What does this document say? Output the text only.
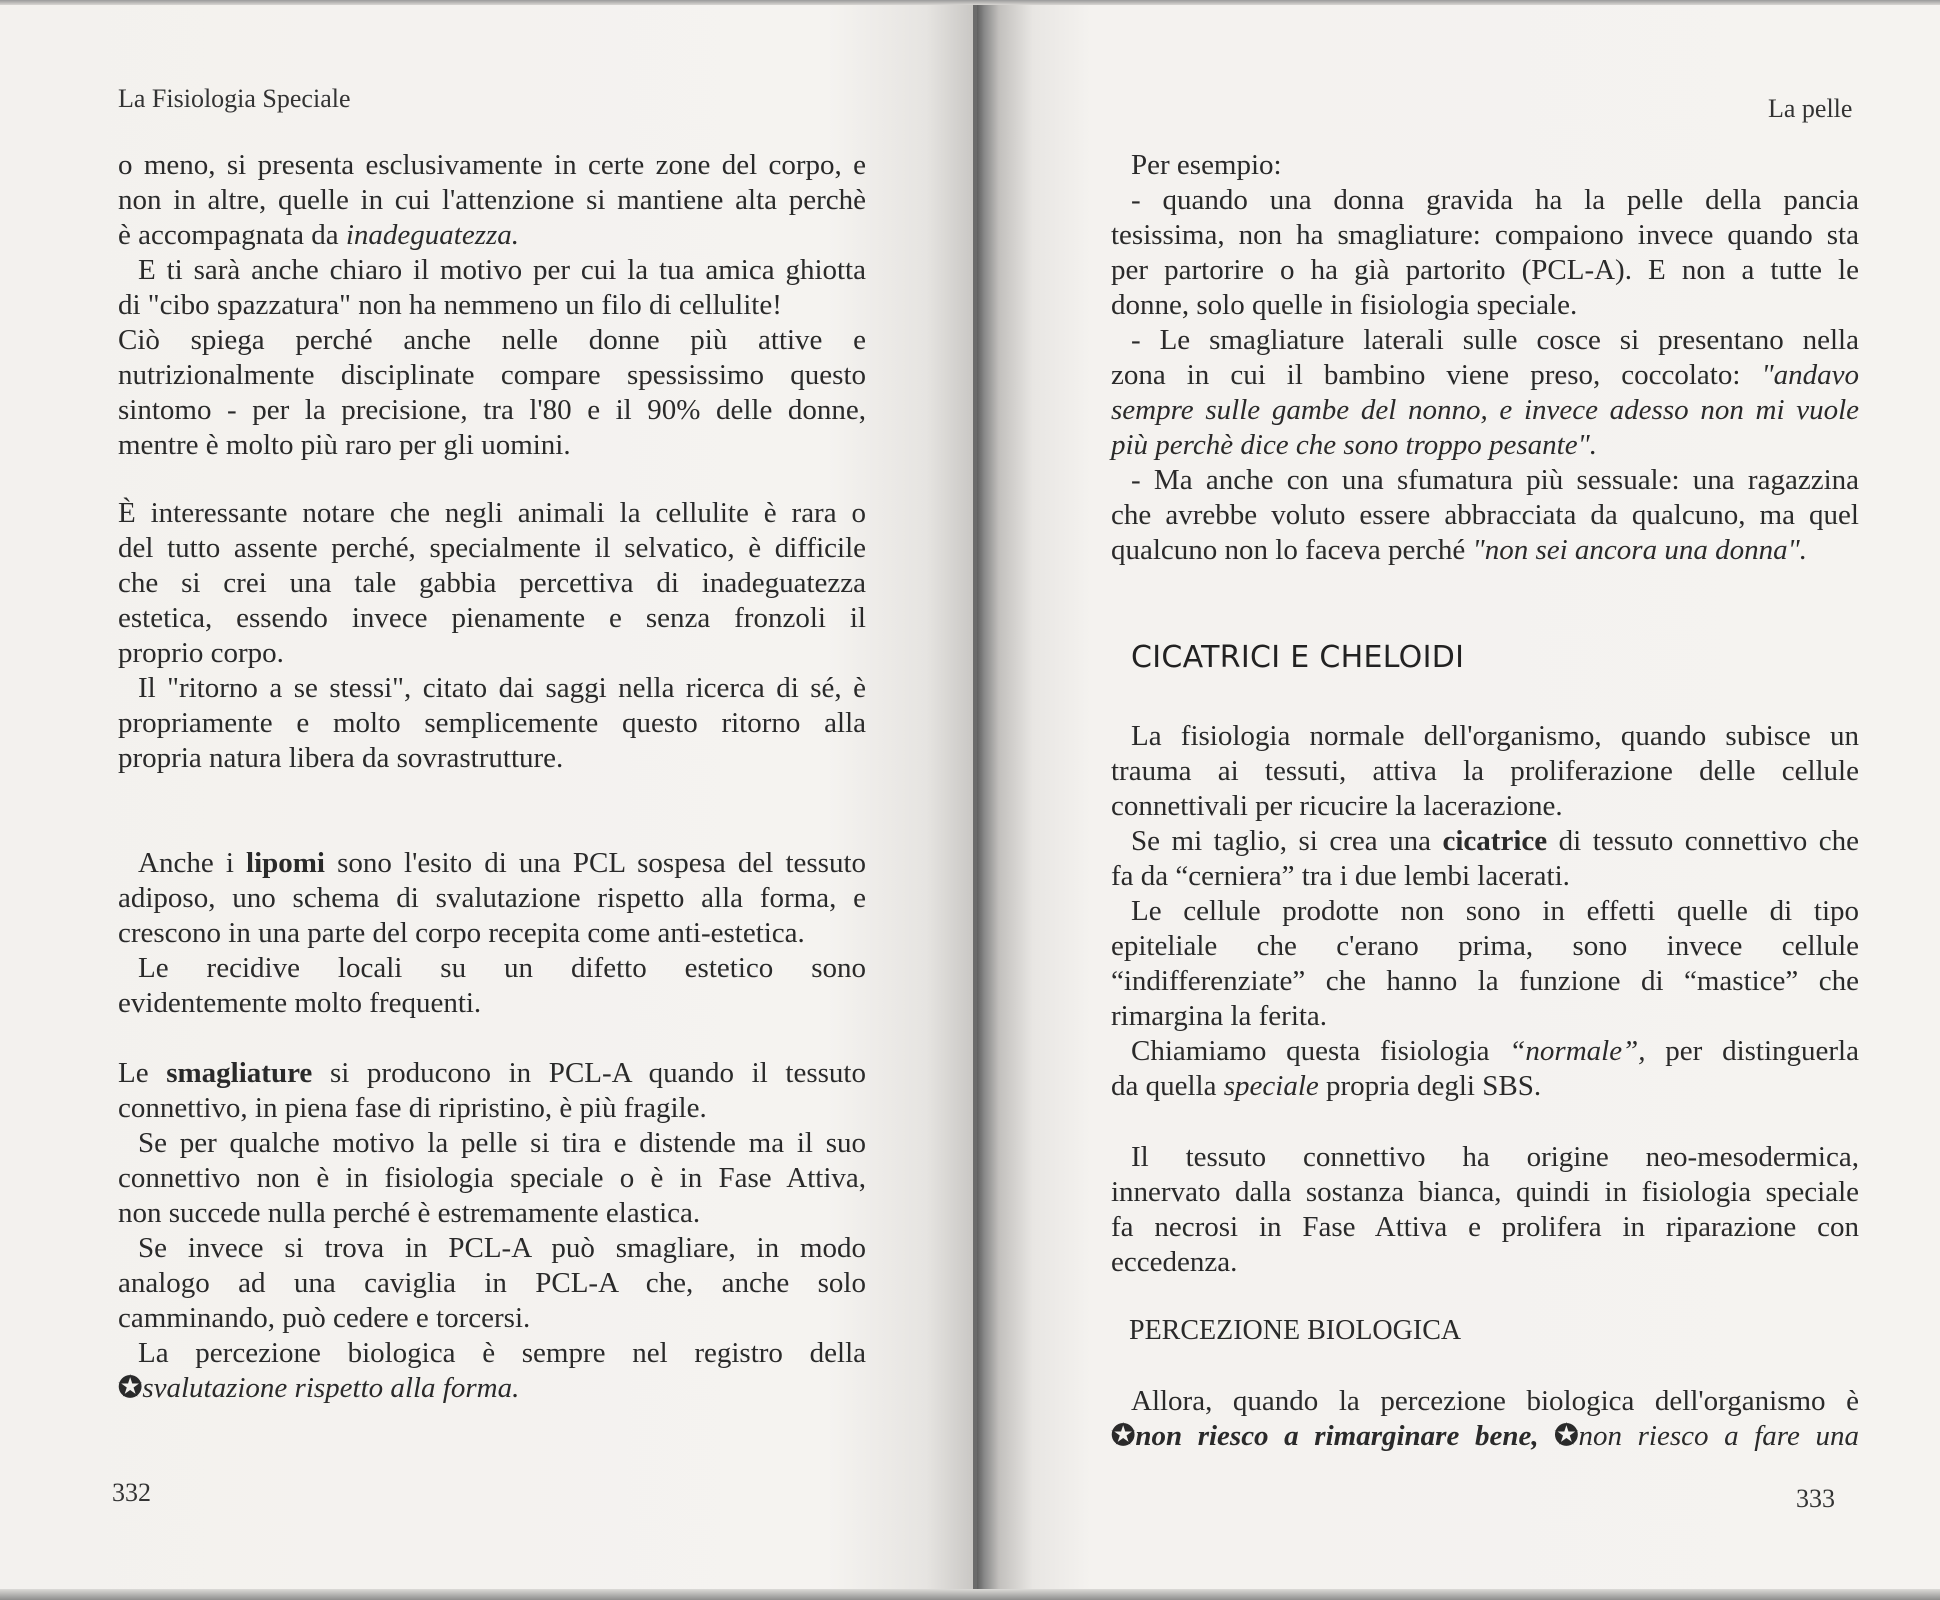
La Fisiologia Speciale
o meno, si presenta esclusivamente in certe zone del corpo, e
non in altre, quelle in cui l'attenzione si mantiene alta perchè
è accompagnata da inadeguatezza.
E ti sarà anche chiaro il motivo per cui la tua amica ghiotta
di "cibo spazzatura" non ha nemmeno un filo di cellulite!
Ciò spiega perché anche nelle donne più attive e
nutrizionalmente disciplinate compare spessissimo questo
sintomo - per la precisione, tra l'80 e il 90% delle donne,
mentre è molto più raro per gli uomini.
È interessante notare che negli animali la cellulite è rara o
del tutto assente perché, specialmente il selvatico, è difficile
che si crei una tale gabbia percettiva di inadeguatezza
estetica, essendo invece pienamente e senza fronzoli il
proprio corpo.
Il "ritorno a se stessi", citato dai saggi nella ricerca di sé, è
propriamente e molto semplicemente questo ritorno alla
propria natura libera da sovrastrutture.
Anche i lipomi sono l'esito di una PCL sospesa del tessuto
adiposo, uno schema di svalutazione rispetto alla forma, e
crescono in una parte del corpo recepita come anti-estetica.
Le recidive locali su un difetto estetico sono
evidentemente molto frequenti.
Le smagliature si producono in PCL-A quando il tessuto
connettivo, in piena fase di ripristino, è più fragile.
Se per qualche motivo la pelle si tira e distende ma il suo
connettivo non è in fisiologia speciale o è in Fase Attiva,
non succede nulla perché è estremamente elastica.
Se invece si trova in PCL-A può smagliare, in modo
analogo ad una caviglia in PCL-A che, anche solo
camminando, può cedere e torcersi.
La percezione biologica è sempre nel registro della
✪svalutazione rispetto alla forma.
332
La pelle
Per esempio:
- quando una donna gravida ha la pelle della pancia
tesissima, non ha smagliature: compaiono invece quando sta
per partorire o ha già partorito (PCL-A). E non a tutte le
donne, solo quelle in fisiologia speciale.
- Le smagliature laterali sulle cosce si presentano nella
zona in cui il bambino viene preso, coccolato: "andavo
sempre sulle gambe del nonno, e invece adesso non mi vuole
più perchè dice che sono troppo pesante".
- Ma anche con una sfumatura più sessuale: una ragazzina
che avrebbe voluto essere abbracciata da qualcuno, ma quel
qualcuno non lo faceva perché "non sei ancora una donna".
CICATRICI E CHELOIDI
La fisiologia normale dell'organismo, quando subisce un
trauma ai tessuti, attiva la proliferazione delle cellule
connettivali per ricucire la lacerazione.
Se mi taglio, si crea una cicatrice di tessuto connettivo che
fa da “cerniera” tra i due lembi lacerati.
Le cellule prodotte non sono in effetti quelle di tipo
epiteliale che c'erano prima, sono invece cellule
“indifferenziate” che hanno la funzione di “mastice” che
rimargina la ferita.
Chiamiamo questa fisiologia “normale”, per distinguerla
da quella speciale propria degli SBS.
Il tessuto connettivo ha origine neo-mesodermica,
innervato dalla sostanza bianca, quindi in fisiologia speciale
fa necrosi in Fase Attiva e prolifera in riparazione con
eccedenza.
PERCEZIONE BIOLOGICA
Allora, quando la percezione biologica dell'organismo è
✪non riesco a rimarginare bene, ✪non riesco a fare una
333
